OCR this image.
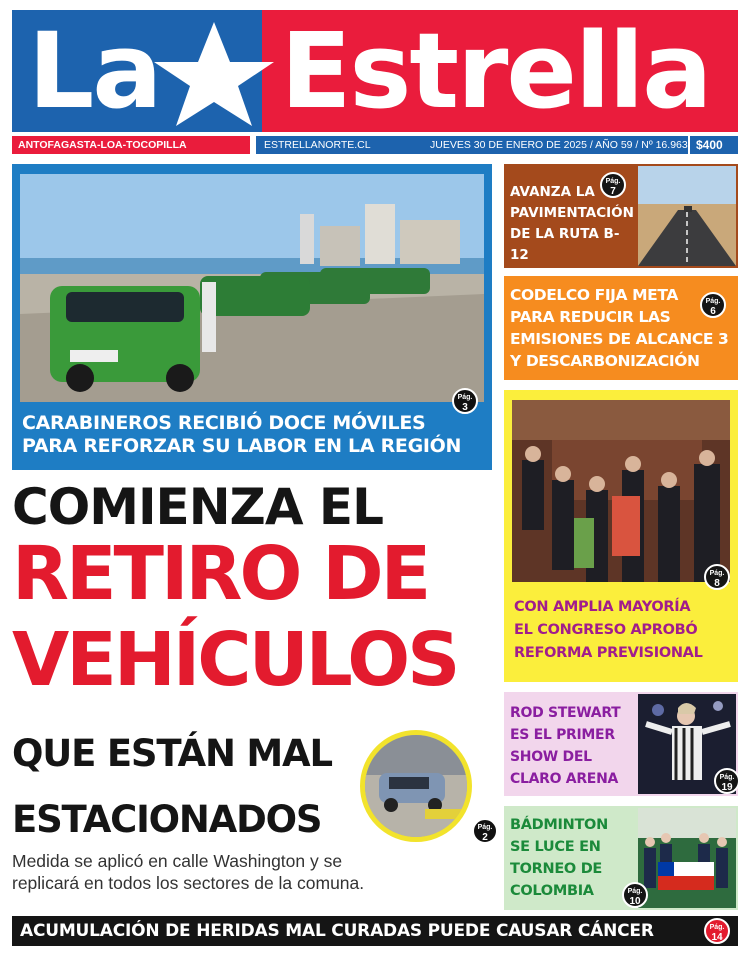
La Estrella
ANTOFAGASTA-LOA-TOCOPILLA	ESTRELLANORTE.CL	JUEVES 30 DE ENERO DE 2025 / AÑO 59 / Nº 16.963 $400
CARABINEROS RECIBIÓ DOCE MÓVILES
PARA REFORZAR SU LABOR EN LA REGIÓN
Pág.
3
COMIENZA EL
RETIRO DE
VEHÍCULOS
QUE ESTÁN MAL
ESTACIONADOS	Pág.
2
Medida se aplicó en calle Washington y se
replicará en todos los sectores de la comuna.
AVANZA LA
PAVIMENTACIÓN
DE LA RUTA B-12
Pág.
7
CODELCO FIJA META
PARA REDUCIR LAS
EMISIONES DE ALCANCE 3
Y DESCARBONIZACIÓN
Pág.
6
Pág.
8
CON AMPLIA MAYORÍA
EL CONGRESO APROBÓ
REFORMA PREVISIONAL
ROD STEWART
ES EL PRIMER
SHOW DEL
CLARO ARENA	Pág.
19
BÁDMINTON
SE LUCE EN
TORNEO DE
COLOMBIA	Pág.
10
ACUMULACIÓN DE HERIDAS MAL CURADAS PUEDE CAUSAR CÁNCER	Pág.
14
